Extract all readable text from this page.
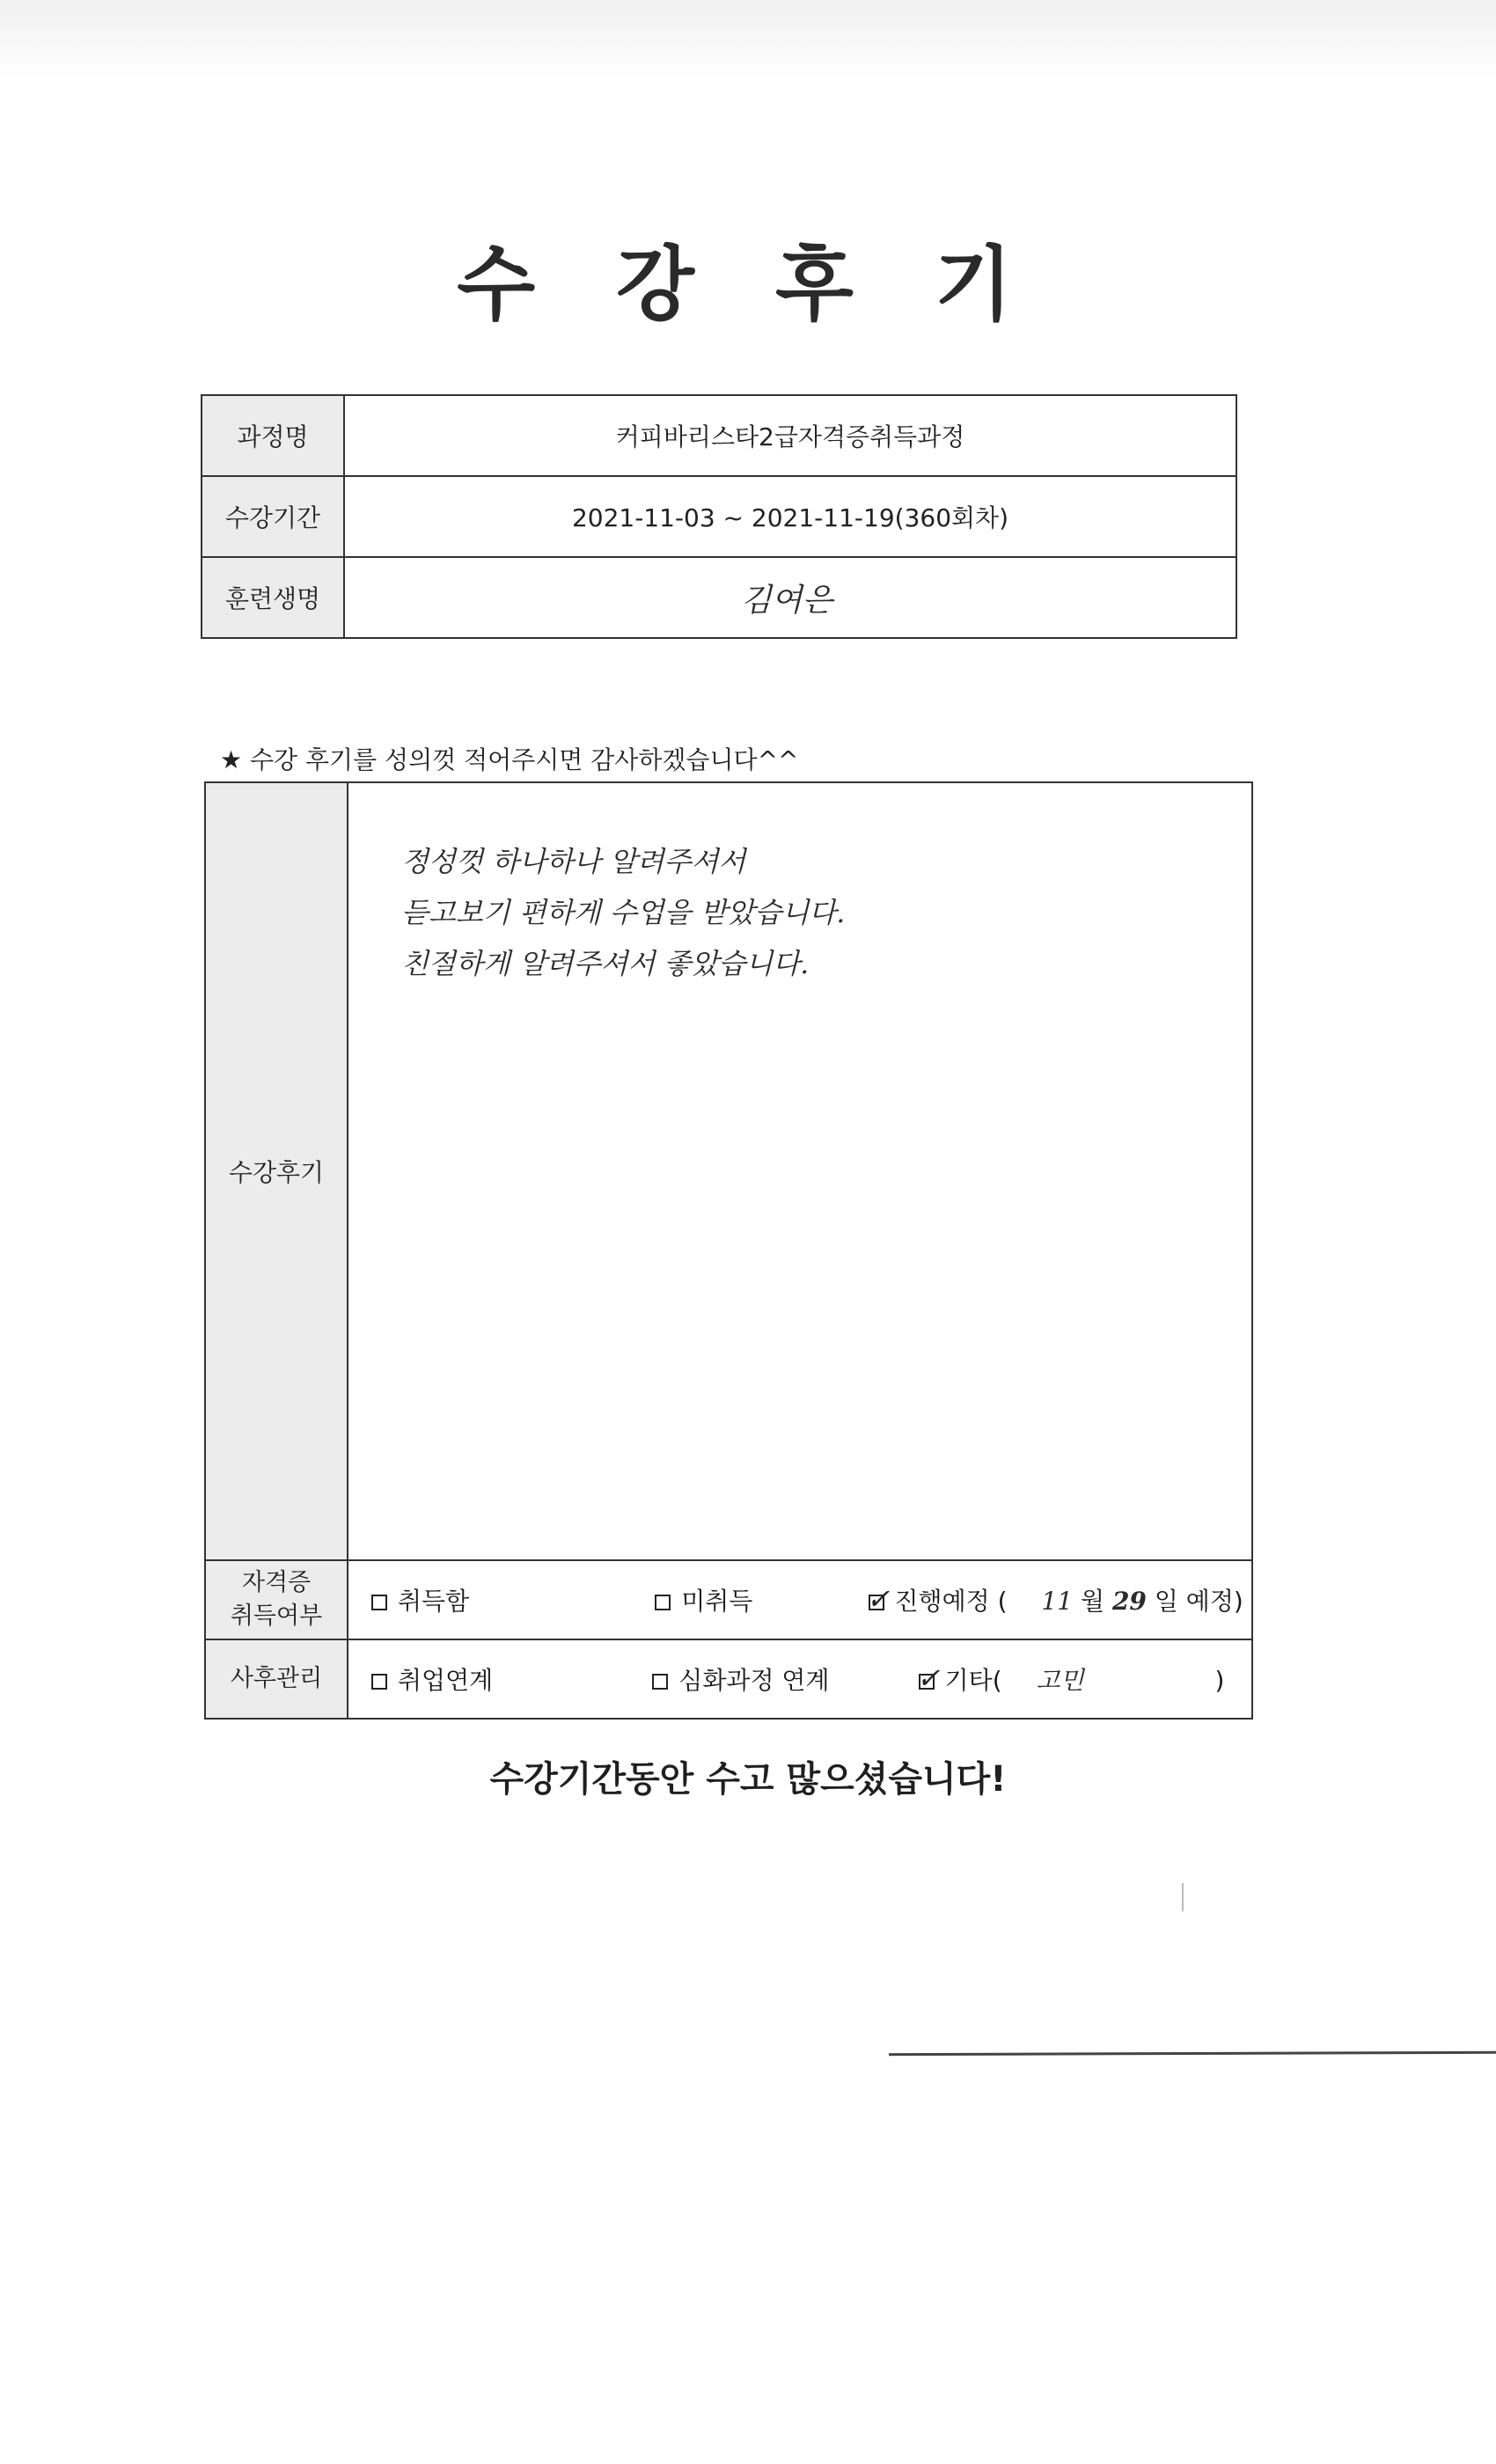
수 강 후 기
과정명	커피바리스타2급자격증취득과정
수강기간	2021-11-03 ~ 2021-11-19(360회차)
훈련생명	김여은
★ 수강 후기를 성의껏 적어주시면 감사하겠습니다^^
수강후기	정성껏 하나하나 알려주셔서
듣고보기 편하게 수업을 받았습니다.
친절하게 알려주셔서 좋았습니다.

자격증
취득여부	취득함 미취득 ✓ 진행예정 ( 11 월 29 일 예정)
사후관리	취업연계 심화과정 연계 ✓ 기타( 고민 )
수강기간동안 수고 많으셨습니다!
